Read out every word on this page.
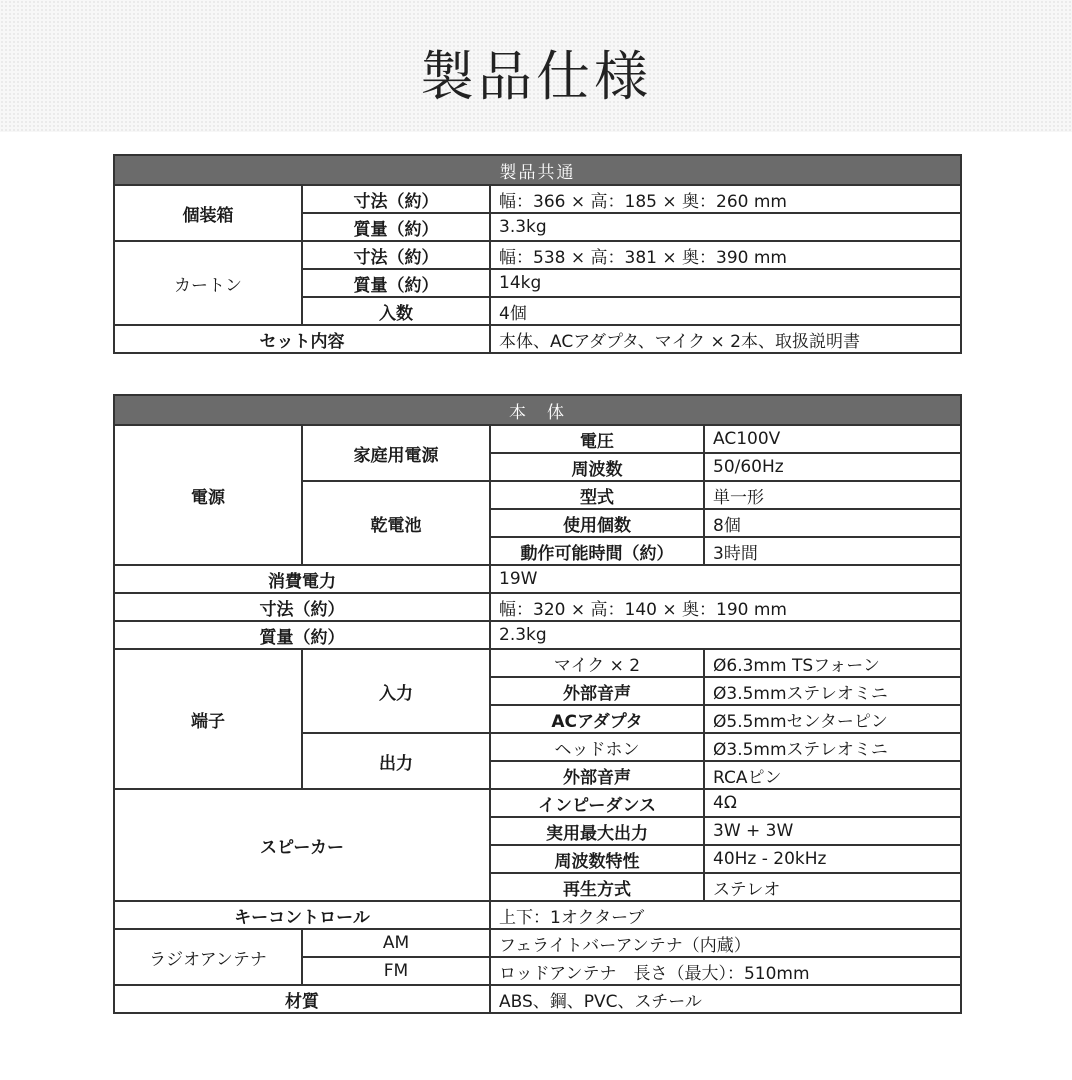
製品仕様
製品共通		
個装箱	寸法（約）	幅：366 × 高：185 × 奥：260 mm
	質量（約）	3.3kg
カートン	寸法（約）	幅：538 × 高：381 × 奥：390 mm
	質量（約）	14kg
	入数	4個
セット内容		本体、ACアダプタ、マイク × 2本、取扱説明書
本　体			
電源	家庭用電源	電圧	AC100V
		周波数	50/60Hz
	乾電池	型式	単一形
		使用個数	8個
		動作可能時間（約）	3時間
消費電力		19W	
寸法（約）		幅：320 × 高：140 × 奥：190 mm	
質量（約）		2.3kg	
端子	入力	マイク × 2	Ø6.3mm TSフォーン
		外部音声	Ø3.5mmステレオミニ
		ACアダプタ	Ø5.5mmセンターピン
	出力	ヘッドホン	Ø3.5mmステレオミニ
		外部音声	RCAピン
スピーカー		インピーダンス	4Ω
		実用最大出力	3W + 3W
		周波数特性	40Hz - 20kHz
		再生方式	ステレオ
キーコントロール		上下：1オクターブ	
ラジオアンテナ	AM	フェライトバーアンテナ（内蔵）	
	FM	ロッドアンテナ　長さ（最大）：510mm	
材質		ABS、鋼、PVC、スチール	
